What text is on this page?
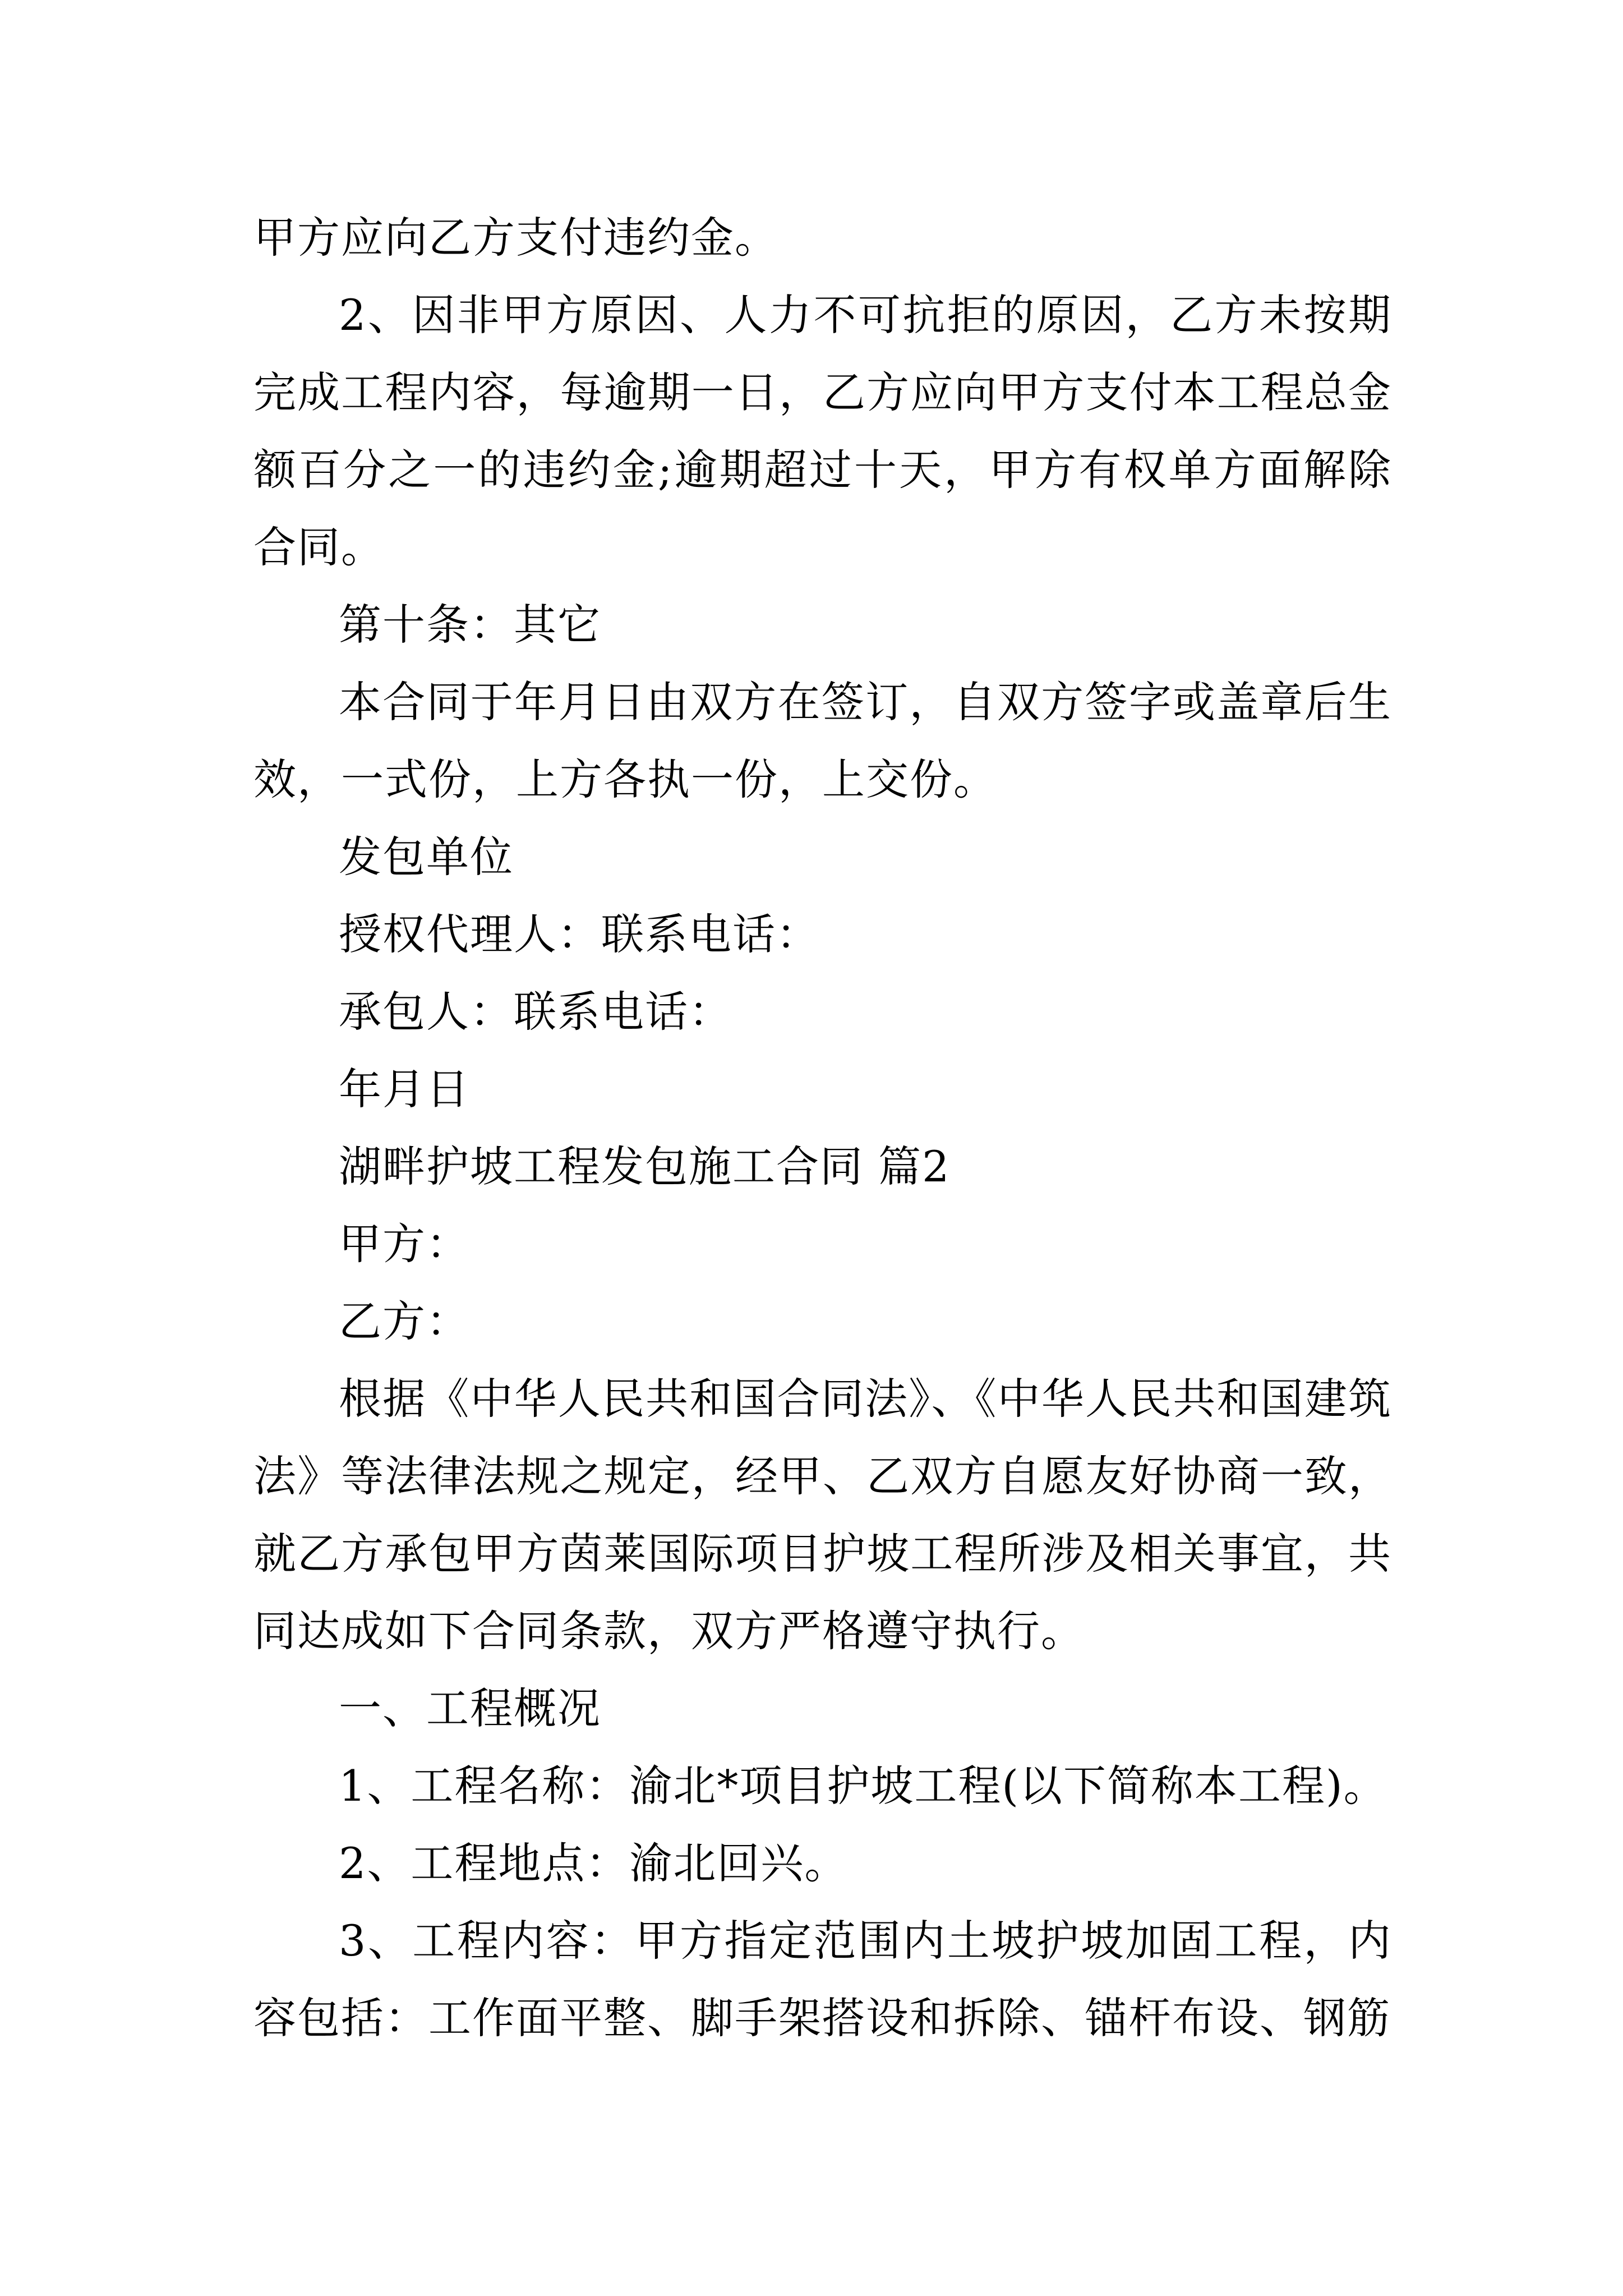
甲方应向乙方支付违约金。

2、因非甲方原因、人力不可抗拒的原因，乙方未按期完成工程内容，每逾期一日，乙方应向甲方支付本工程总金额百分之一的违约金;逾期超过十天，甲方有权单方面解除合同。

第十条：其它

本合同于年月日由双方在签订，自双方签字或盖章后生效，一式份，上方各执一份，上交份。

发包单位

授权代理人：联系电话：

承包人：联系电话：

年月日

湖畔护坡工程发包施工合同 篇2

甲方：

乙方：

根据《中华人民共和国合同法》、《中华人民共和国建筑法》等法律法规之规定，经甲、乙双方自愿友好协商一致，就乙方承包甲方茵莱国际项目护坡工程所涉及相关事宜，共同达成如下合同条款，双方严格遵守执行。

一、工程概况

1、工程名称：渝北*项目护坡工程(以下简称本工程)。

2、工程地点：渝北回兴。

3、工程内容：甲方指定范围内土坡护坡加固工程，内容包括：工作面平整、脚手架搭设和拆除、锚杆布设、钢筋
